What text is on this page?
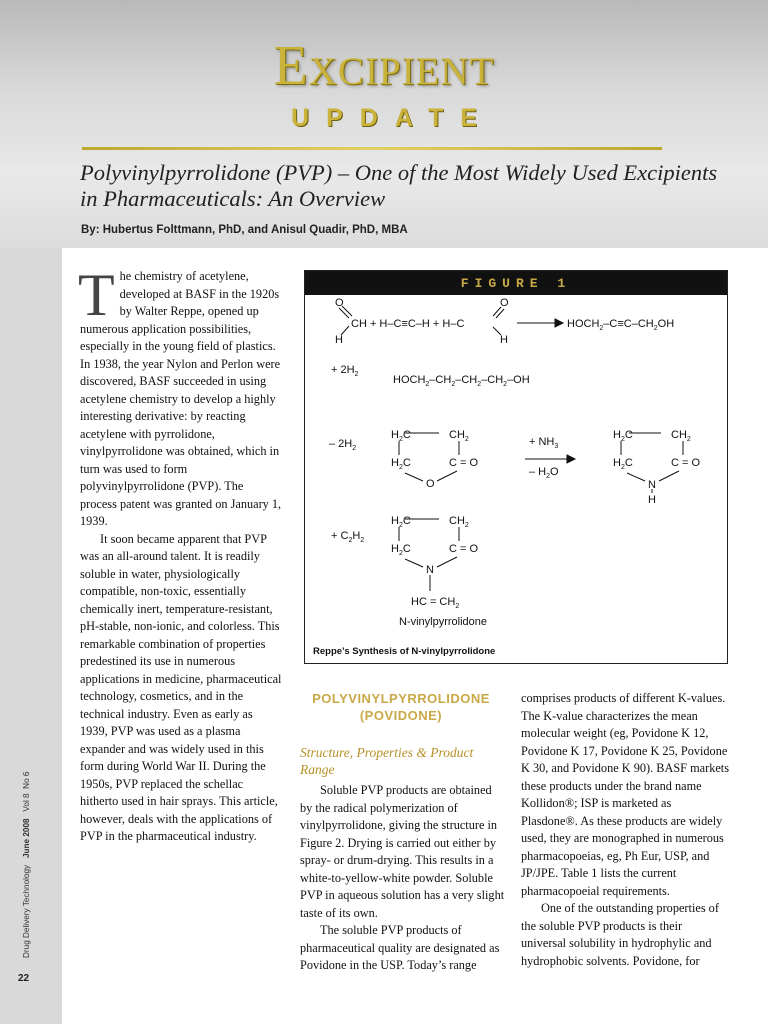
Excipient
UPDATE
Polyvinylpyrrolidone (PVP) – One of the Most Widely Used Excipients in Pharmaceuticals: An Overview
By: Hubertus Folttmann, PhD, and Anisul Quadir, PhD, MBA

The chemistry of acetylene, developed at BASF in the 1920s by Walter Reppe, opened up numerous application possibilities, especially in the young field of plastics. In 1938, the year Nylon and Perlon were discovered, BASF succeeded in using acetylene chemistry to develop a highly interesting derivative: by reacting acetylene with pyrrolidone, vinylpyrrolidone was obtained, which in turn was used to form polyvinylpyrrolidone (PVP). The process patent was granted on January 1, 1939.

It soon became apparent that PVP was an all-around talent. It is readily soluble in water, physiologically compatible, non-toxic, essentially chemically inert, temperature-resistant, pH-stable, non-ionic, and colorless. This remarkable combination of properties predestined its use in numerous applications in medicine, pharmaceutical technology, cosmetics, and in the technical industry. Even as early as 1939, PVP was used as a plasma expander and was widely used in this form during World War II. During the 1950s, PVP replaced the schellac hitherto used in hair sprays. This article, however, deals with the applications of PVP in the pharmaceutical industry.

FIGURE 1
O
CH + H–C≡C–H + H–C
H
O
H
$HOCH_2-C\equiv C-CH_2OH$
+ $2H_2$	$HOCH_2-CH_2-CH_2-CH_2-OH$
– $2H_2$
$H_2C$	$CH_2$
$H_2C$	C = O
O
+ $NH_3$
– $H_2O$
$H_2C$	$CH_2$
$H_2C$	C = O
N
H
+ $C_2H_2$
$H_2C$	$CH_2$
$H_2C$	C = O
N
HC = $CH_2$
N-vinylpyrrolidone
Reppe’s Synthesis of N-vinylpyrrolidone
POLYVINYLPYRROLIDONE (POVIDONE)
Structure, Properties & Product Range

Soluble PVP products are obtained by the radical polymerization of vinylpyrrolidone, giving the structure in Figure 2. Drying is carried out either by spray- or drum-drying. This results in a white-to-yellow-white powder. Soluble PVP in aqueous solution has a very slight taste of its own.

The soluble PVP products of pharmaceutical quality are designated as Povidone in the USP. Today’s range

comprises products of different K-values. The K-value characterizes the mean molecular weight (eg, Povidone K 12, Povidone K 17, Povidone K 25, Povidone K 30, and Povidone K 90). BASF markets these products under the brand name Kollidon®; ISP is marketed as Plasdone®. As these products are widely used, they are monographed in numerous pharmacopoeias, eg, Ph Eur, USP, and JP/JPE. Table 1 lists the current pharmacopoeial requirements.

One of the outstanding properties of the soluble PVP products is their universal solubility in hydrophylic and hydrophobic solvents. Povidone, for

Drug Delivery Technology   June 2008   Vol 8  No 6
22
